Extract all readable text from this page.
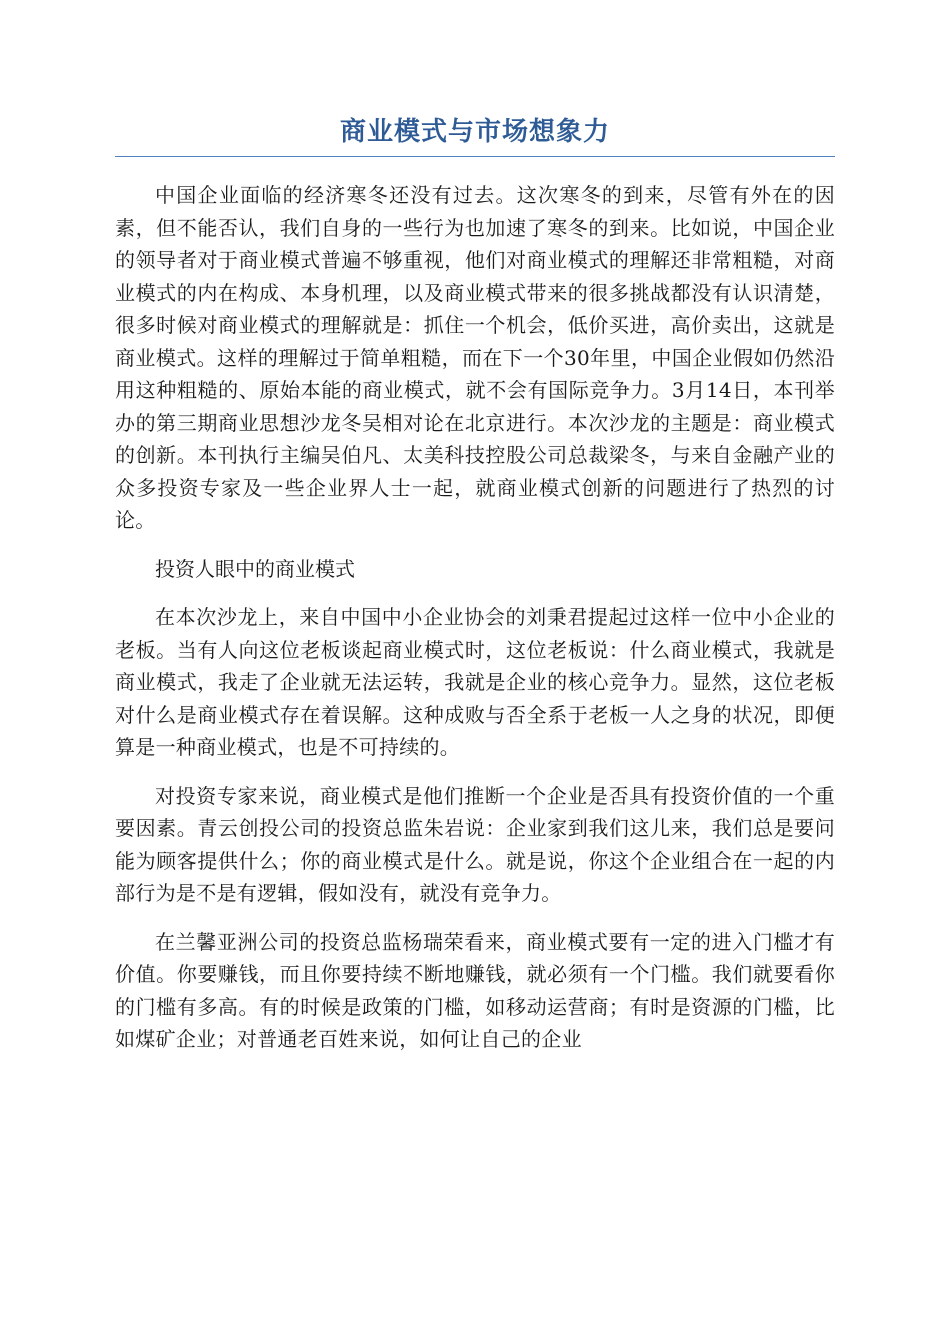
商业模式与市场想象力

中国企业面临的经济寒冬还没有过去。这次寒冬的到来，尽管有外在的因素，但不能否认，我们自身的一些行为也加速了寒冬的到来。比如说，中国企业的领导者对于商业模式普遍不够重视，他们对商业模式的理解还非常粗糙，对商业模式的内在构成、本身机理，以及商业模式带来的很多挑战都没有认识清楚，很多时候对商业模式的理解就是：抓住一个机会，低价买进，高价卖出，这就是商业模式。这样的理解过于简单粗糙，而在下一个30年里，中国企业假如仍然沿用这种粗糙的、原始本能的商业模式，就不会有国际竞争力。3月14日，本刊举办的第三期商业思想沙龙冬吴相对论在北京进行。本次沙龙的主题是：商业模式的创新。本刊执行主编吴伯凡、太美科技控股公司总裁梁冬，与来自金融产业的众多投资专家及一些企业界人士一起，就商业模式创新的问题进行了热烈的讨论。

投资人眼中的商业模式

在本次沙龙上，来自中国中小企业协会的刘秉君提起过这样一位中小企业的老板。当有人向这位老板谈起商业模式时，这位老板说：什么商业模式，我就是商业模式，我走了企业就无法运转，我就是企业的核心竞争力。显然，这位老板对什么是商业模式存在着误解。这种成败与否全系于老板一人之身的状况，即便算是一种商业模式，也是不可持续的。

对投资专家来说，商业模式是他们推断一个企业是否具有投资价值的一个重要因素。青云创投公司的投资总监朱岩说：企业家到我们这儿来，我们总是要问能为顾客提供什么；你的商业模式是什么。就是说，你这个企业组合在一起的内部行为是不是有逻辑，假如没有，就没有竞争力。

在兰馨亚洲公司的投资总监杨瑞荣看来，商业模式要有一定的进入门槛才有价值。你要赚钱，而且你要持续不断地赚钱，就必须有一个门槛。我们就要看你的门槛有多高。有的时候是政策的门槛，如移动运营商；有时是资源的门槛，比如煤矿企业；对普通老百姓来说，如何让自己的企业
